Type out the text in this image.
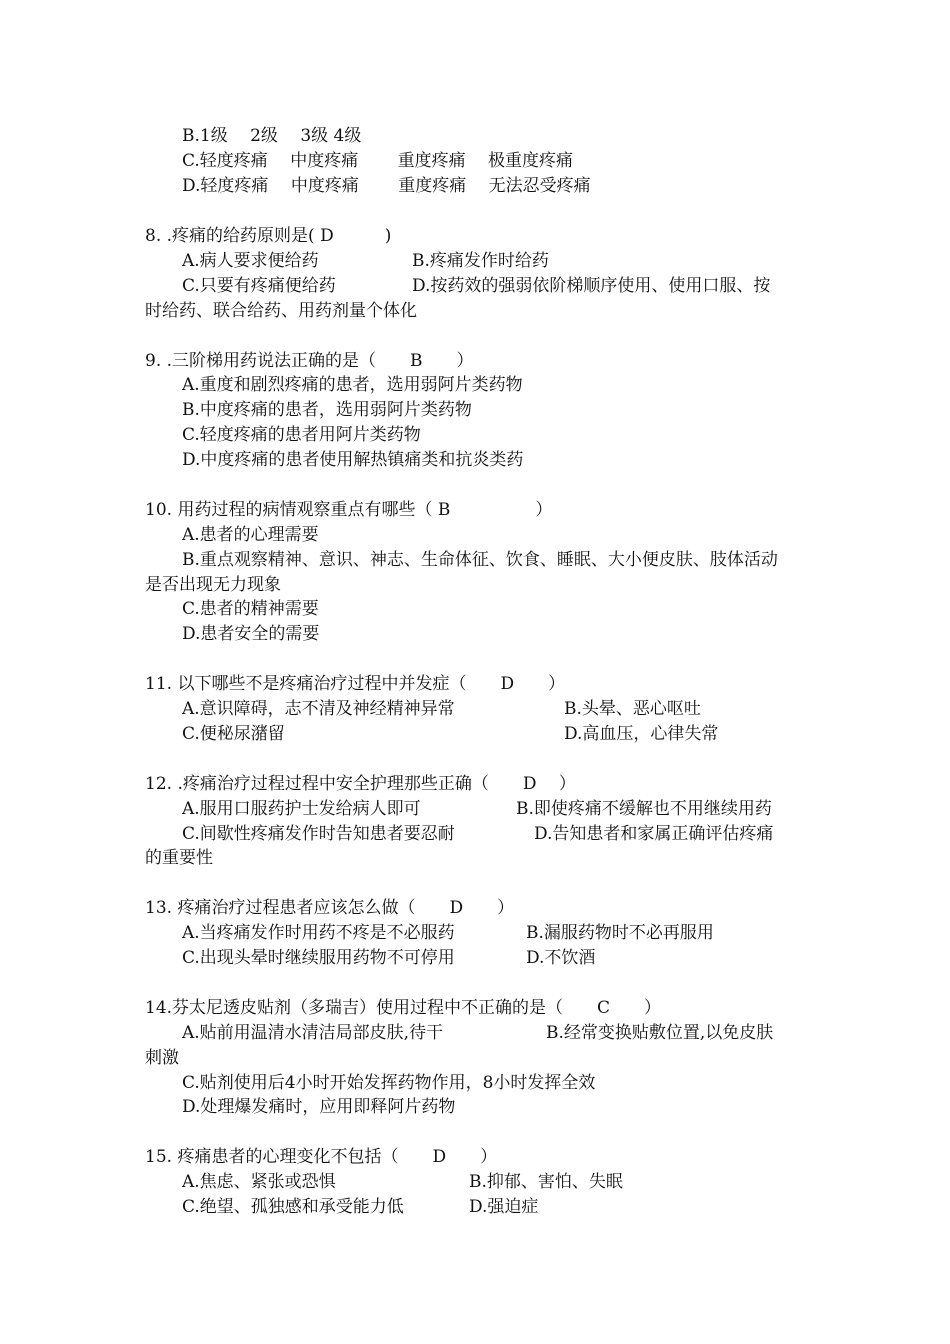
B.1级　 2级　 3级 4级
C.轻度疼痛　 中度疼痛　　 重度疼痛　 极重度疼痛
D.轻度疼痛　 中度疼痛　　 重度疼痛　 无法忍受疼痛
8. .疼痛的给药原则是( D　　　)
A.病人要求便给药	B.疼痛发作时给药
C.只要有疼痛便给药	D.按药效的强弱依阶梯顺序使用、使用口服、按
时给药、联合给药、用药剂量个体化
9. .三阶梯用药说法正确的是（　　B　　）
A.重度和剧烈疼痛的患者，选用弱阿片类药物
B.中度疼痛的患者，选用弱阿片类药物
C.轻度疼痛的患者用阿片类药物
D.中度疼痛的患者使用解热镇痛类和抗炎类药
10. 用药过程的病情观察重点有哪些（ B　　　　　）
A.患者的心理需要
B.重点观察精神、意识、神志、生命体征、饮食、睡眠、大小便皮肤、肢体活动
是否出现无力现象
C.患者的精神需要
D.患者安全的需要
11. 以下哪些不是疼痛治疗过程中并发症（　　D　　）
A.意识障碍，志不清及神经精神异常	B.头晕、恶心呕吐
C.便秘尿潴留	D.高血压，心律失常
12. .疼痛治疗过程过程中安全护理那些正确（　　D　 ）
A.服用口服药护士发给病人即可	B.即使疼痛不缓解也不用继续用药
C.间歇性疼痛发作时告知患者要忍耐	D.告知患者和家属正确评估疼痛
的重要性
13. 疼痛治疗过程患者应该怎么做（　　D　　）
A.当疼痛发作时用药不疼是不必服药	B.漏服药物时不必再服用
C.出现头晕时继续服用药物不可停用	D.不饮酒
14.芬太尼透皮贴剂（多瑞吉）使用过程中不正确的是（　　C　　）
A.贴前用温清水清洁局部皮肤,待干	B.经常变换贴敷位置,以免皮肤
刺激
C.贴剂使用后4小时开始发挥药物作用，8小时发挥全效
D.处理爆发痛时，应用即释阿片药物
15. 疼痛患者的心理变化不包括（　　D　　）
A.焦虑、紧张或恐惧	B.抑郁、害怕、失眠
C.绝望、孤独感和承受能力低	D.强迫症
